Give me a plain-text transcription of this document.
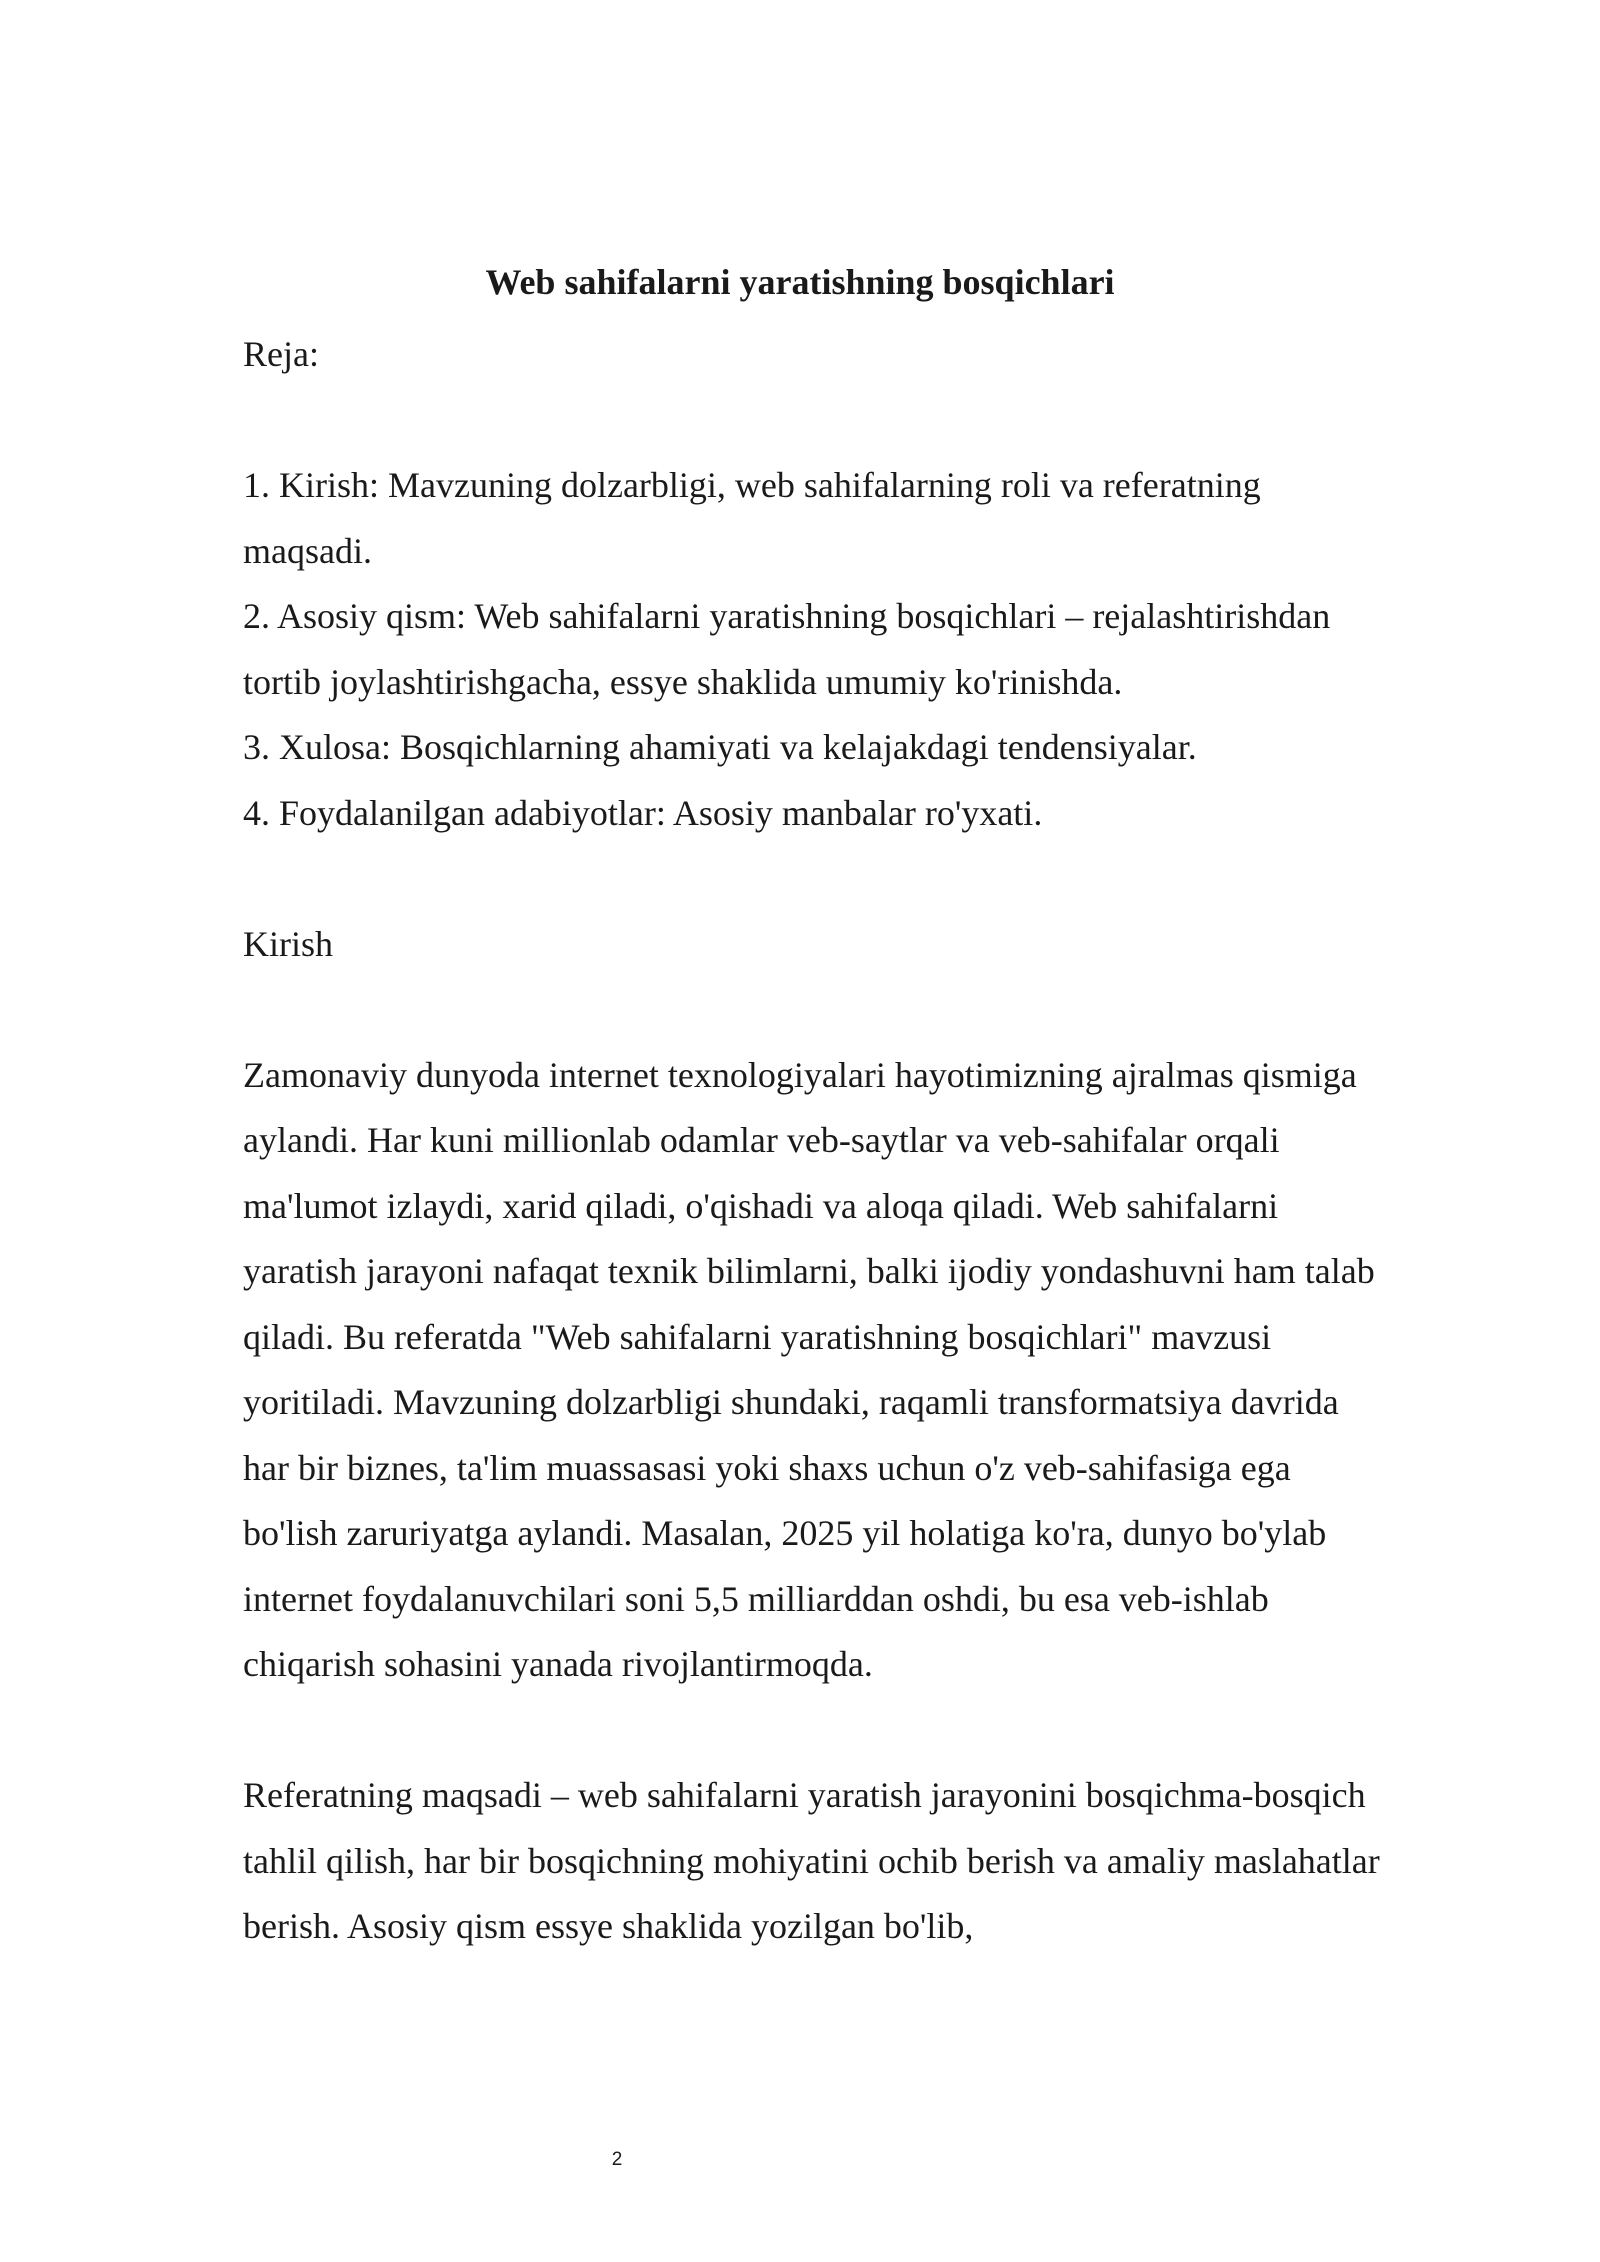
Web sahifalarni yaratishning bosqichlari

Reja:

1. Kirish: Mavzuning dolzarbligi, web sahifalarning roli va referatning maqsadi.

2. Asosiy qism: Web sahifalarni yaratishning bosqichlari – rejalashtirishdan tortib joylashtirishgacha, essye shaklida umumiy ko'rinishda.

3. Xulosa: Bosqichlarning ahamiyati va kelajakdagi tendensiyalar.

4. Foydalanilgan adabiyotlar: Asosiy manbalar ro'yxati.

Kirish

Zamonaviy dunyoda internet texnologiyalari hayotimizning ajralmas qismiga aylandi. Har kuni millionlab odamlar veb-saytlar va veb-sahifalar orqali ma'lumot izlaydi, xarid qiladi, o'qishadi va aloqa qiladi. Web sahifalarni yaratish jarayoni nafaqat texnik bilimlarni, balki ijodiy yondashuvni ham talab qiladi. Bu referatda "Web sahifalarni yaratishning bosqichlari" mavzusi yoritiladi. Mavzuning dolzarbligi shundaki, raqamli transformatsiya davrida har bir biznes, ta'lim muassasasi yoki shaxs uchun o'z veb-sahifasiga ega bo'lish zaruriyatga aylandi. Masalan, 2025 yil holatiga ko'ra, dunyo bo'ylab internet foydalanuvchilari soni 5,5 milliarddan oshdi, bu esa veb-ishlab chiqarish sohasini yanada rivojlantirmoqda.

Referatning maqsadi – web sahifalarni yaratish jarayonini bosqichma-bosqich tahlil qilish, har bir bosqichning mohiyatini ochib berish va amaliy maslahatlar berish. Asosiy qism essye shaklida yozilgan bo'lib,

2
